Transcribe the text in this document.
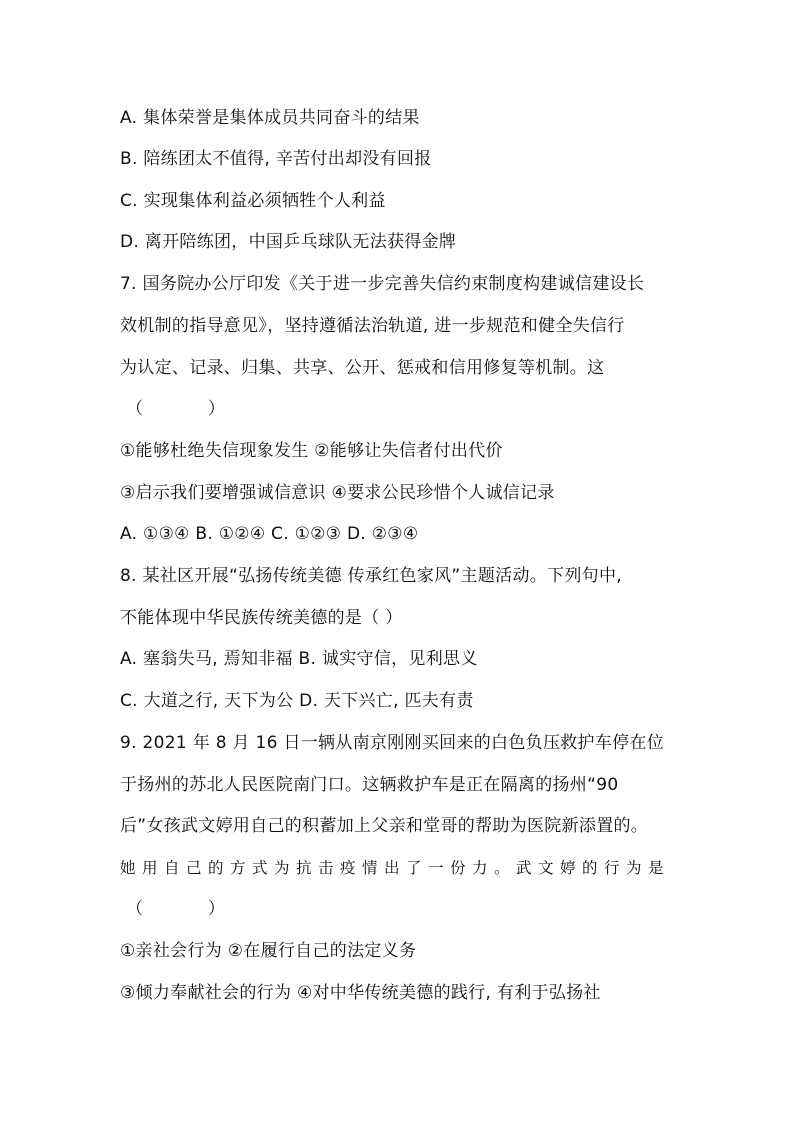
A. 集体荣誉是集体成员共同奋斗的结果
B. 陪练团太不值得, 辛苦付出却没有回报
C. 实现集体利益必须牺牲个人利益
D. 离开陪练团，中国乒乓球队无法获得金牌
7. 国务院办公厅印发《关于进一步完善失信约束制度构建诚信建设长
效机制的指导意见》，坚持遵循法治轨道, 进一步规范和健全失信行
为认定、记录、归集、共享、公开、惩戒和信用修复等机制。这
（            ）
①能够杜绝失信现象发生 ②能够让失信者付出代价
③启示我们要增强诚信意识 ④要求公民珍惜个人诚信记录
A. ①③④ B. ①②④ C. ①②③ D. ②③④
8. 某社区开展“弘扬传统美德 传承红色家风”主题活动。下列句中,
不能体现中华民族传统美德的是（ ）
A. 塞翁失马, 焉知非福 B. 诚实守信，见利思义
C. 大道之行, 天下为公 D. 天下兴亡, 匹夫有责
9. 2021 年 8 月 16 日一辆从南京刚刚买回来的白色负压救护车停在位
于扬州的苏北人民医院南门口。这辆救护车是正在隔离的扬州“90
后”女孩武文婷用自己的积蓄加上父亲和堂哥的帮助为医院新添置的。
她用自己的方式为抗击疫情出了一份力。武文婷的行为是
（            ）
①亲社会行为 ②在履行自己的法定义务
③倾力奉献社会的行为 ④对中华传统美德的践行, 有利于弘扬社
